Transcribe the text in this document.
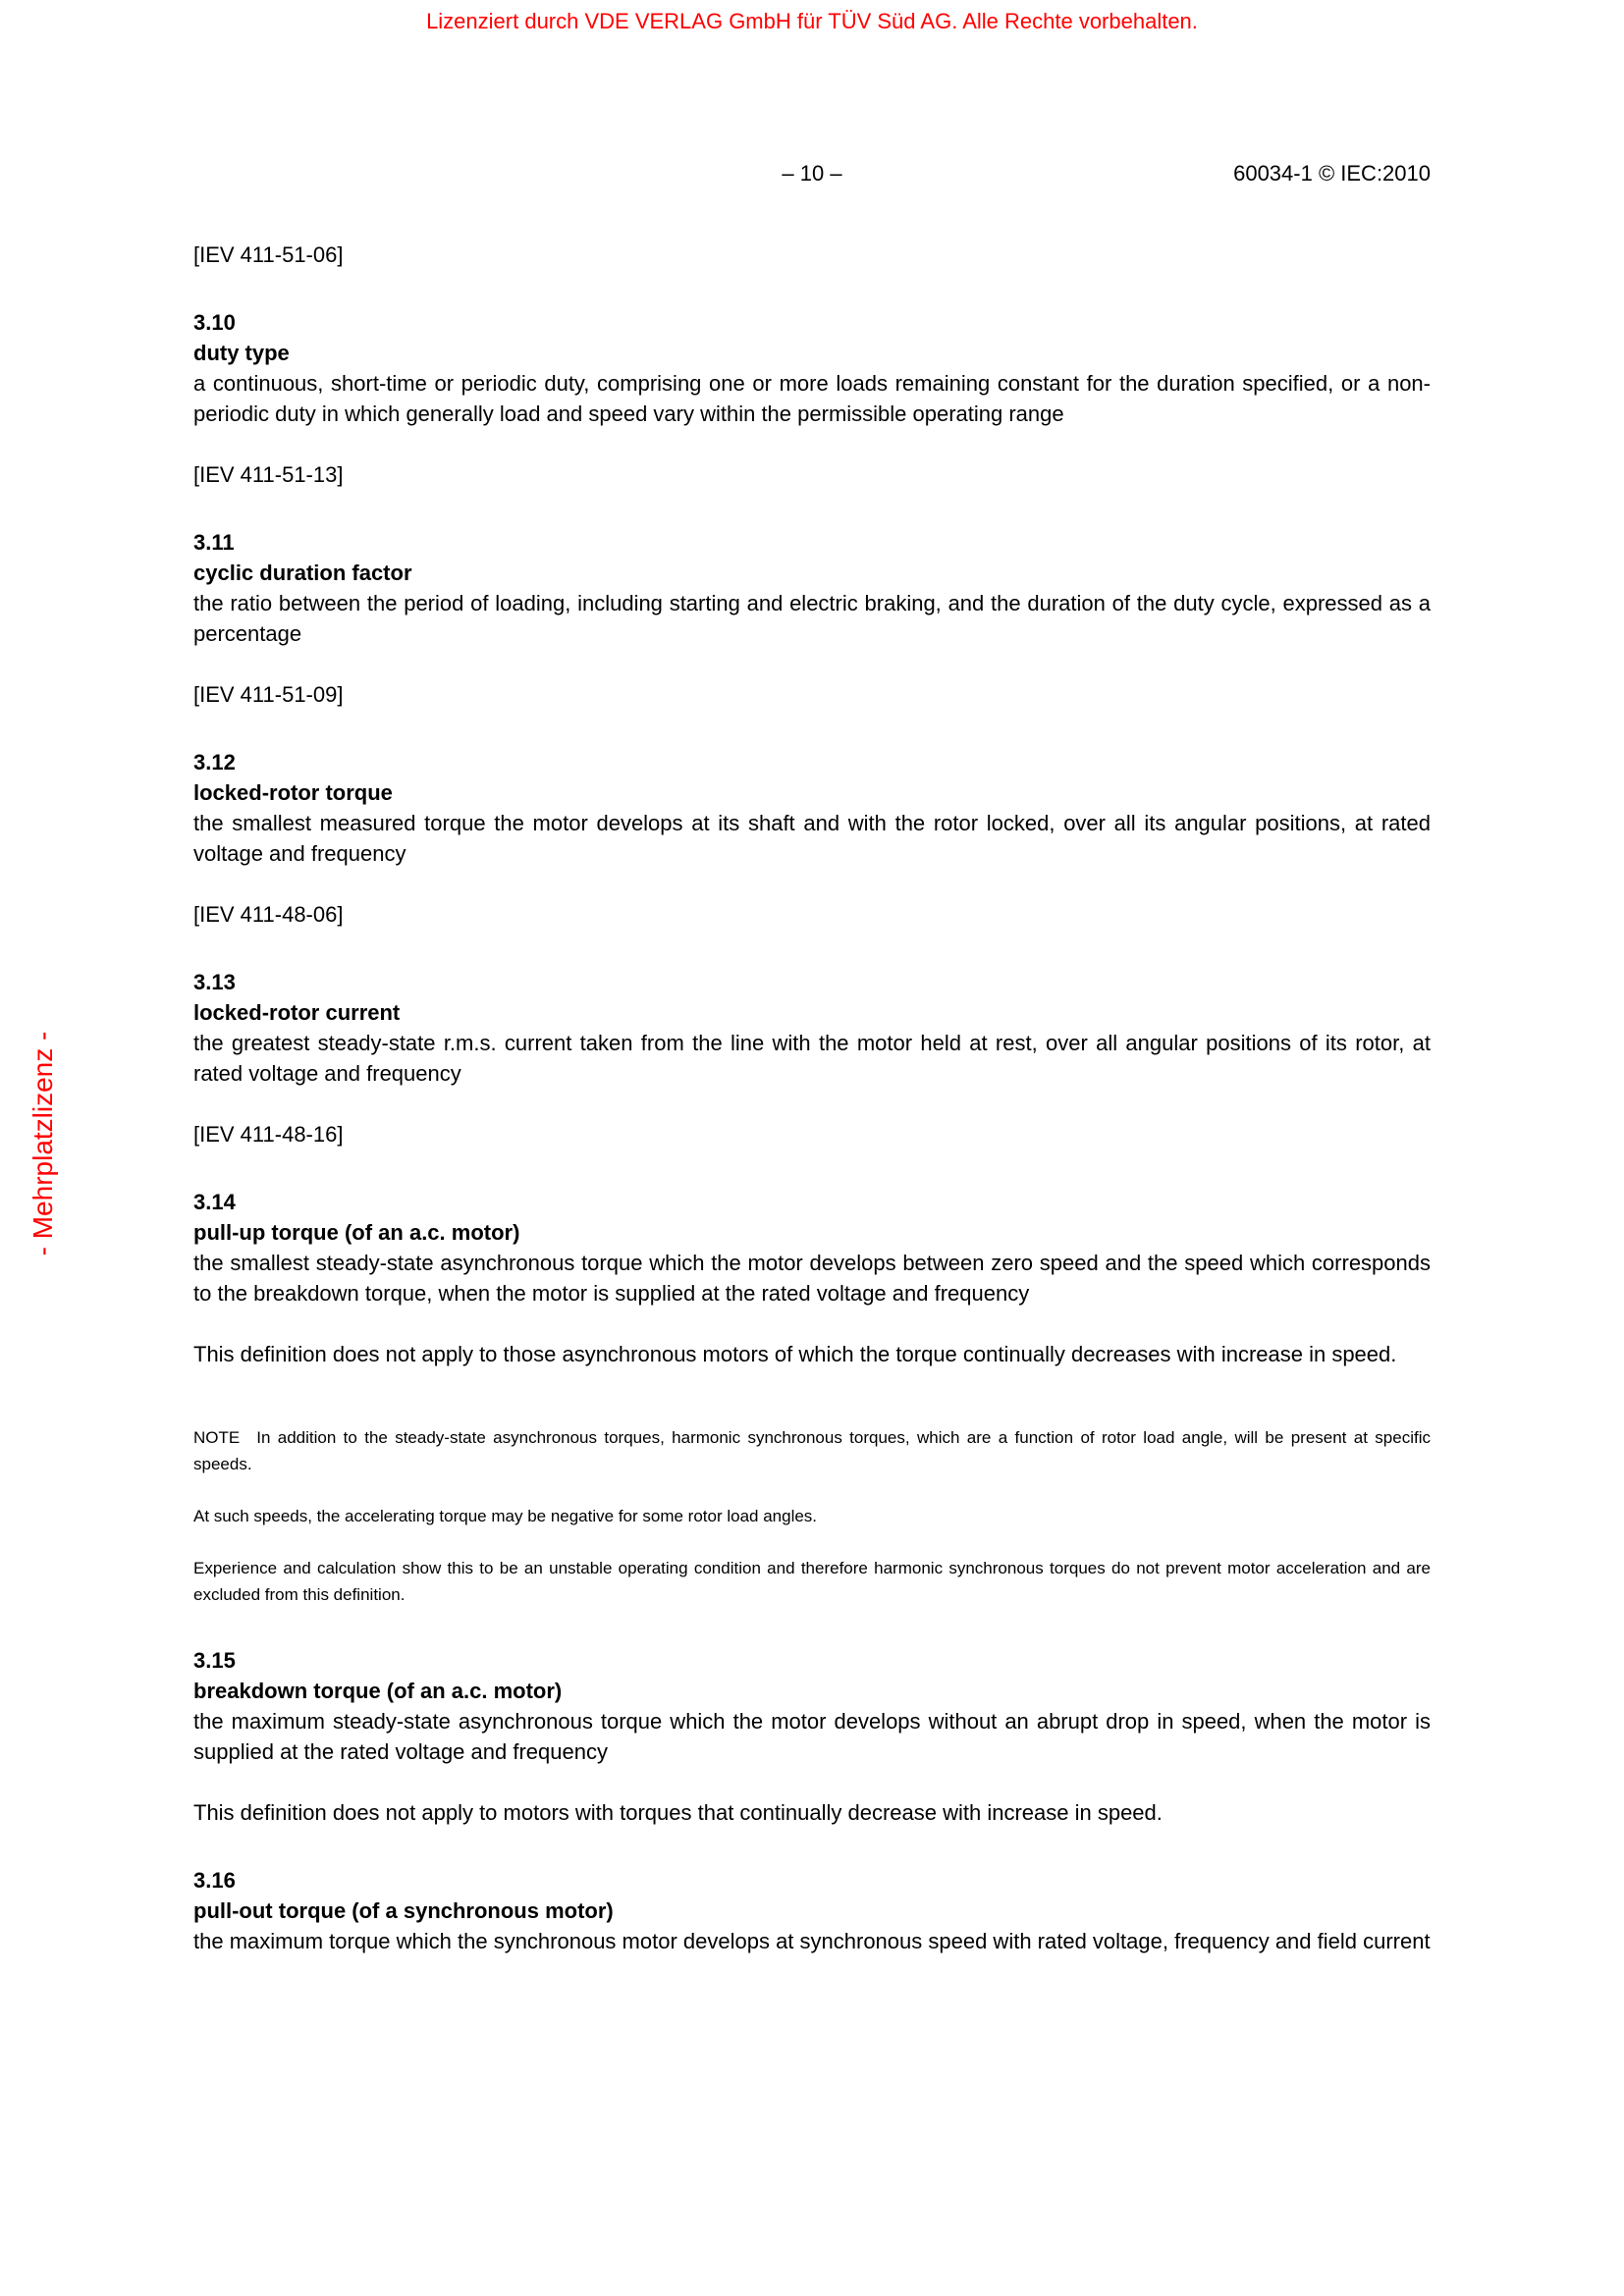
Lizenziert durch VDE VERLAG GmbH für TÜV Süd AG. Alle Rechte vorbehalten.
- Mehrplatzlizenz -
– 10 –	60034-1 © IEC:2010

[IEV 411-51-06]

3.10
duty type

a continuous, short-time or periodic duty, comprising one or more loads remaining constant for the duration specified, or a non-periodic duty in which generally load and speed vary within the permissible operating range

[IEV 411-51-13]

3.11
cyclic duration factor

the ratio between the period of loading, including starting and electric braking, and the duration of the duty cycle, expressed as a percentage

[IEV 411-51-09]

3.12
locked-rotor torque

the smallest measured torque the motor develops at its shaft and with the rotor locked, over all its angular positions, at rated voltage and frequency

[IEV 411-48-06]

3.13
locked-rotor current

the greatest steady-state r.m.s. current taken from the line with the motor held at rest, over all angular positions of its rotor, at rated voltage and frequency

[IEV 411-48-16]

3.14
pull-up torque (of an a.c. motor)

the smallest steady-state asynchronous torque which the motor develops between zero speed and the speed which corresponds to the breakdown torque, when the motor is supplied at the rated voltage and frequency

This definition does not apply to those asynchronous motors of which the torque continually decreases with increase in speed.

NOTE In addition to the steady-state asynchronous torques, harmonic synchronous torques, which are a function of rotor load angle, will be present at specific speeds.

At such speeds, the accelerating torque may be negative for some rotor load angles.

Experience and calculation show this to be an unstable operating condition and therefore harmonic synchronous torques do not prevent motor acceleration and are excluded from this definition.

3.15
breakdown torque (of an a.c. motor)

the maximum steady-state asynchronous torque which the motor develops without an abrupt drop in speed, when the motor is supplied at the rated voltage and frequency

This definition does not apply to motors with torques that continually decrease with increase in speed.

3.16
pull-out torque (of a synchronous motor)

the maximum torque which the synchronous motor develops at synchronous speed with rated voltage, frequency and field current
